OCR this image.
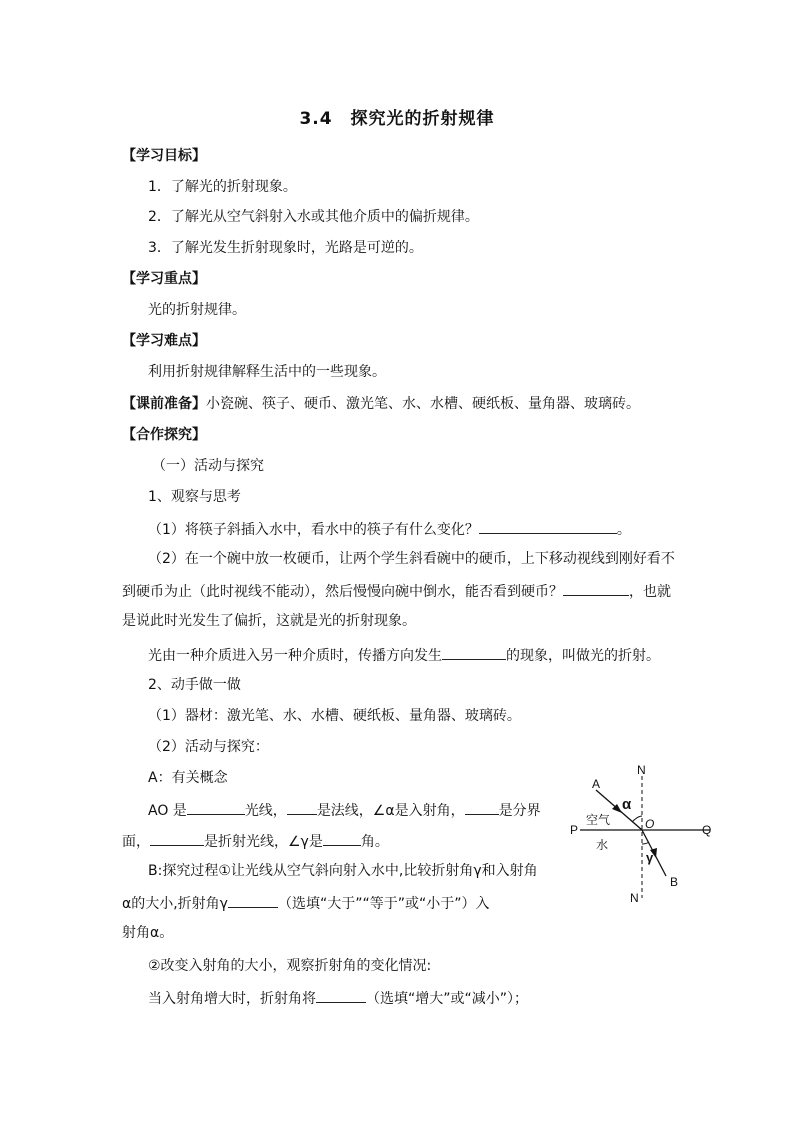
3.4　探究光的折射规律
【学习目标】
1．了解光的折射现象。
2．了解光从空气斜射入水或其他介质中的偏折规律。
3．了解光发生折射现象时，光路是可逆的。
【学习重点】
光的折射规律。
【学习难点】
利用折射规律解释生活中的一些现象。
【课前准备】小瓷碗、筷子、硬币、激光笔、水、水槽、硬纸板、量角器、玻璃砖。
【合作探究】
（一）活动与探究
1、观察与思考
（1）将筷子斜插入水中，看水中的筷子有什么变化？	。
（2）在一个碗中放一枚硬币，让两个学生斜看碗中的硬币，上下移动视线到刚好看不
到硬币为止（此时视线不能动），然后慢慢向碗中倒水，能否看到硬币？	，也就
是说此时光发生了偏折，这就是光的折射现象。
光由一种介质进入另一种介质时，传播方向发生	的现象，叫做光的折射。
2、动手做一做
（1）器材：激光笔、水、水槽、硬纸板、量角器、玻璃砖。
（2）活动与探究：
A：有关概念
AO 是	光线， 是法线，∠α是入射角， 是分界
面，	是折射光线，∠γ是	角。
B:探究过程①让光线从空气斜向射入水中,比较折射角γ和入射角
α的大小,折射角γ	（选填“大于”“等于”或“小于”）入
射角α。
②改变入射角的大小，观察折射角的变化情况:
当入射角增大时，折射角将	（选填“增大”或“减小”）；
A
N
α
P
空气	O	Q
水
γ
B
N
